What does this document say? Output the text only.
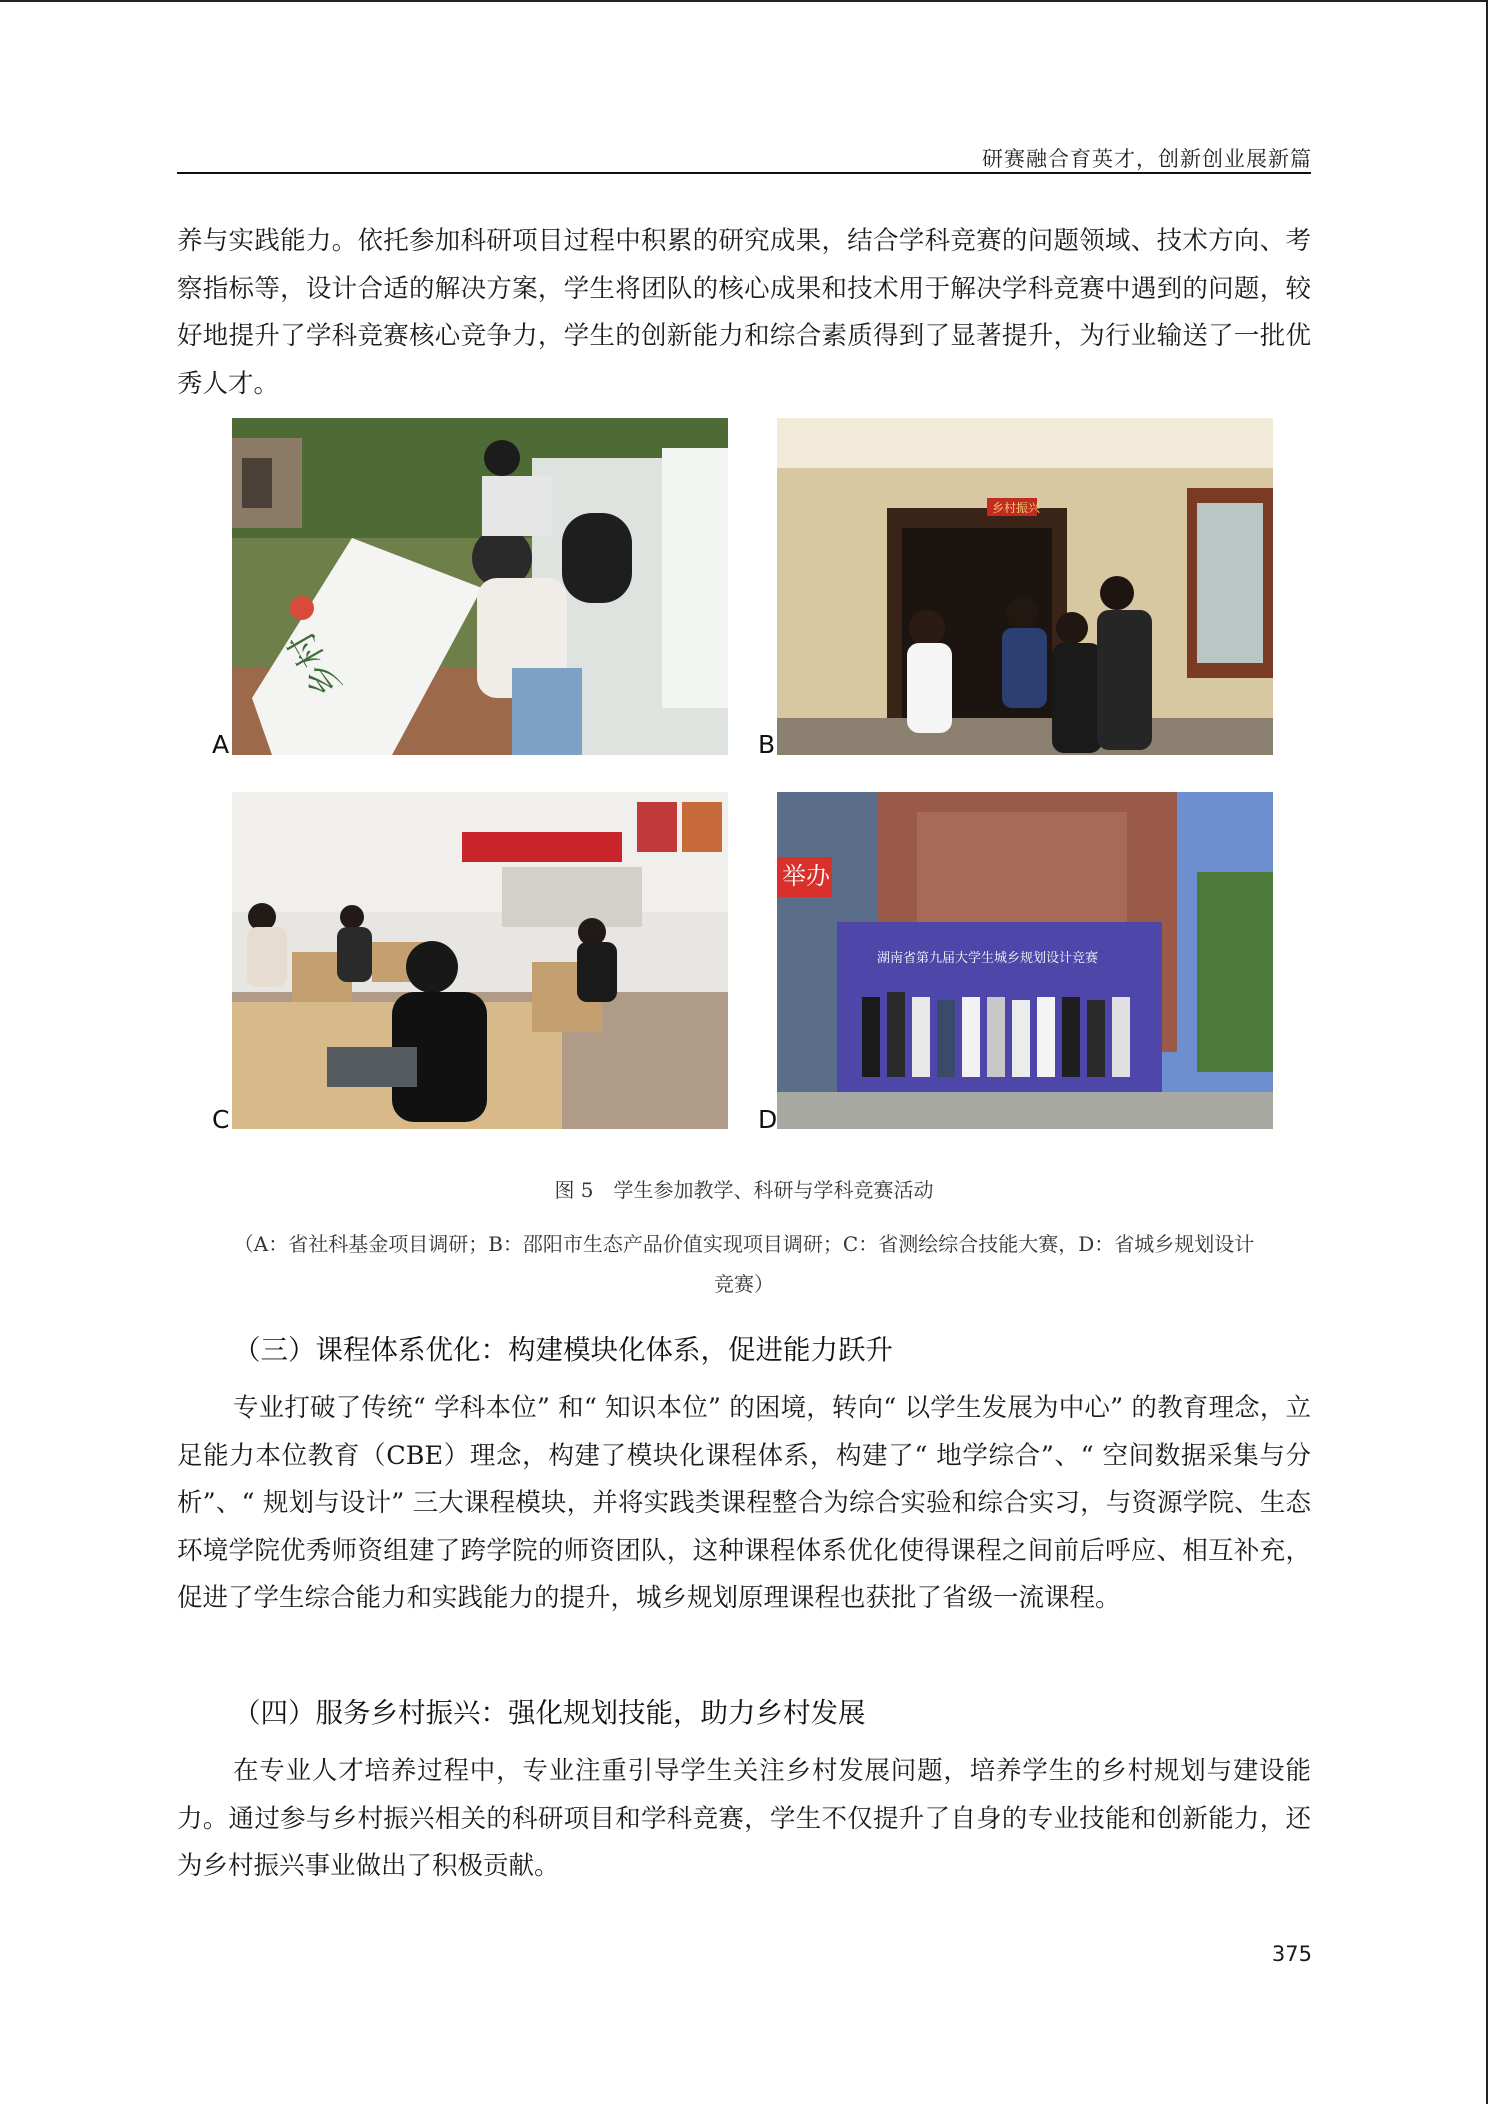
研赛融合育英才，创新创业展新篇

养与实践能力。依托参加科研项目过程中积累的研究成果，结合学科竞赛的问题领域、技术方向、考察指标等，设计合适的解决方案，学生将团队的核心成果和技术用于解决学科竞赛中遇到的问题，较好地提升了学科竞赛核心竞争力，学生的创新能力和综合素质得到了显著提升，为行业输送了一批优秀人才。

乡村
A
乡村振兴
B
C
举办
湖南省第九届大学生城乡规划设计竞赛
D
图 5　学生参加教学、科研与学科竞赛活动
（A：省社科基金项目调研；B：邵阳市生态产品价值实现项目调研；C：省测绘综合技能大赛，D：省城乡规划设计
竞赛）
（三）课程体系优化：构建模块化体系，促进能力跃升

专业打破了传统“ 学科本位” 和“ 知识本位” 的困境，转向“ 以学生发展为中心” 的教育理念，立足能力本位教育（CBE）理念，构建了模块化课程体系，构建了“ 地学综合”、“ 空间数据采集与分析”、“ 规划与设计” 三大课程模块，并将实践类课程整合为综合实验和综合实习，与资源学院、生态环境学院优秀师资组建了跨学院的师资团队，这种课程体系优化使得课程之间前后呼应、相互补充，促进了学生综合能力和实践能力的提升，城乡规划原理课程也获批了省级一流课程。

（四）服务乡村振兴：强化规划技能，助力乡村发展

在专业人才培养过程中，专业注重引导学生关注乡村发展问题，培养学生的乡村规划与建设能力。通过参与乡村振兴相关的科研项目和学科竞赛，学生不仅提升了自身的专业技能和创新能力，还为乡村振兴事业做出了积极贡献。

375
